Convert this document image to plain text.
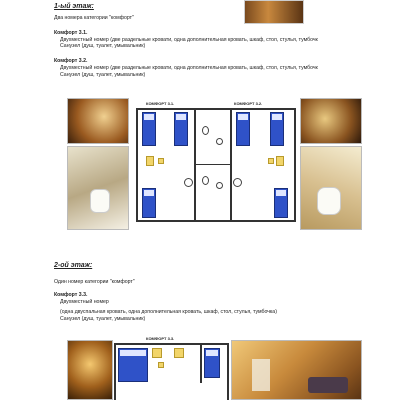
1-ый этаж:
Два номера категории "комфорт"
Комфорт 3.1.
Двухместный номер (две раздельные кровати, одна дополнительная кровать, шкаф, стол, стулья, тумбочк
Санузел (душ, туалет, умывальник)
Комфорт 3.2.
Двухместный номер (две раздельные кровати, одна дополнительная кровать, шкаф, стол, стулья, тумбочк
Санузел (душ, туалет, умывальник)
КОМФОРТ 3.1.	КОМФОРТ 3.2.
2-ой этаж:
Один номер категории "комфорт"
Комфорт 3.3.
Двухместный номер
(одна двуспальная кровать, одна дополнительная кровать, шкаф, стол, стулья, тумбочка)
Санузел (душ, туалет, умывальник)
КОМФОРТ 3.3.
